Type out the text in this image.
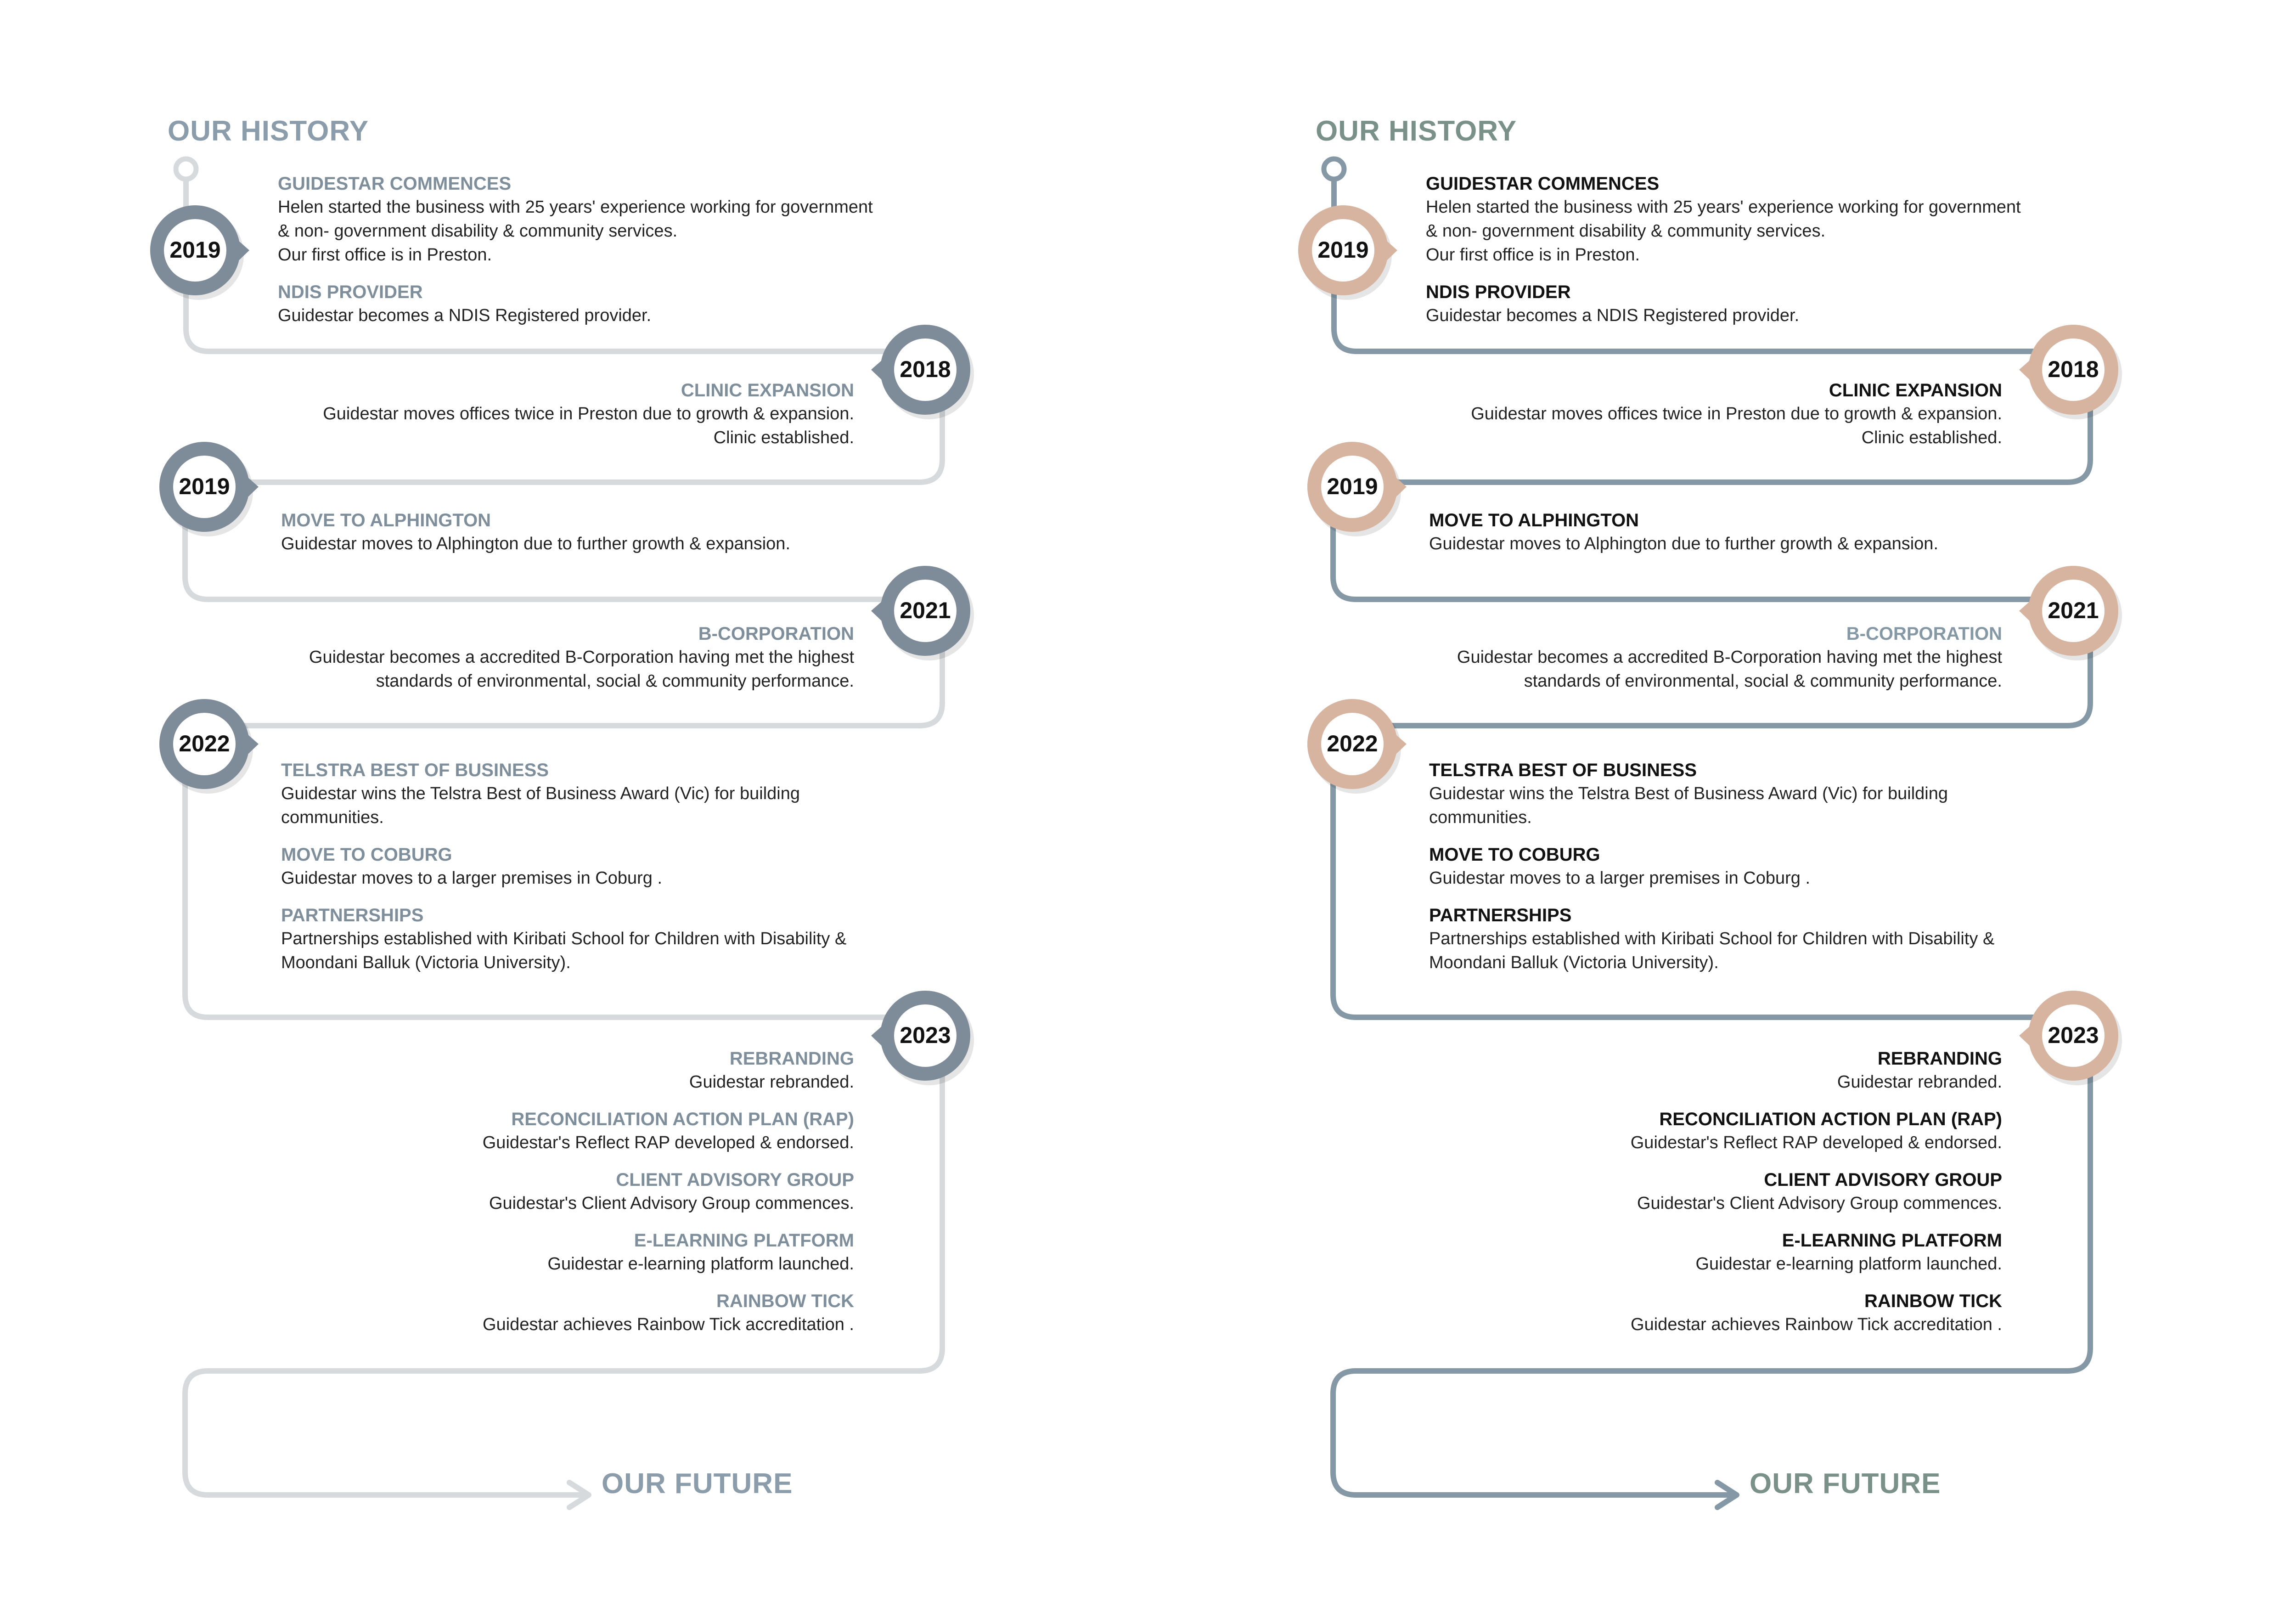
OUR HISTORY
OUR FUTURE
2019
2018
2019
2021
2022
2023
GUIDESTAR COMMENCES
Helen started the business with 25 years' experience working for government
& non- government disability & community services.
Our first office is in Preston.
NDIS PROVIDER
Guidestar becomes a NDIS Registered provider.
CLINIC EXPANSION
Guidestar moves offices twice in Preston due to growth & expansion.
Clinic established.
MOVE TO ALPHINGTON
Guidestar moves to Alphington due to further growth & expansion.
B-CORPORATION
Guidestar becomes a accredited B-Corporation having met the highest
standards of environmental, social & community performance.
TELSTRA BEST OF BUSINESS
Guidestar wins the Telstra Best of Business Award (Vic) for building
communities.
MOVE TO COBURG
Guidestar moves to a larger premises in Coburg .
PARTNERSHIPS
Partnerships established with Kiribati School for Children with Disability &
Moondani Balluk (Victoria University).
REBRANDING
Guidestar rebranded.
RECONCILIATION ACTION PLAN (RAP)
Guidestar's Reflect RAP developed & endorsed.
CLIENT ADVISORY GROUP
Guidestar's Client Advisory Group commences.
E-LEARNING PLATFORM
Guidestar e-learning platform launched.
RAINBOW TICK
Guidestar achieves Rainbow Tick accreditation .
OUR HISTORY
OUR FUTURE
2019
2018
2019
2021
2022
2023
GUIDESTAR COMMENCES
Helen started the business with 25 years' experience working for government
& non- government disability & community services.
Our first office is in Preston.
NDIS PROVIDER
Guidestar becomes a NDIS Registered provider.
CLINIC EXPANSION
Guidestar moves offices twice in Preston due to growth & expansion.
Clinic established.
MOVE TO ALPHINGTON
Guidestar moves to Alphington due to further growth & expansion.
B-CORPORATION
Guidestar becomes a accredited B-Corporation having met the highest
standards of environmental, social & community performance.
TELSTRA BEST OF BUSINESS
Guidestar wins the Telstra Best of Business Award (Vic) for building
communities.
MOVE TO COBURG
Guidestar moves to a larger premises in Coburg .
PARTNERSHIPS
Partnerships established with Kiribati School for Children with Disability &
Moondani Balluk (Victoria University).
REBRANDING
Guidestar rebranded.
RECONCILIATION ACTION PLAN (RAP)
Guidestar's Reflect RAP developed & endorsed.
CLIENT ADVISORY GROUP
Guidestar's Client Advisory Group commences.
E-LEARNING PLATFORM
Guidestar e-learning platform launched.
RAINBOW TICK
Guidestar achieves Rainbow Tick accreditation .
